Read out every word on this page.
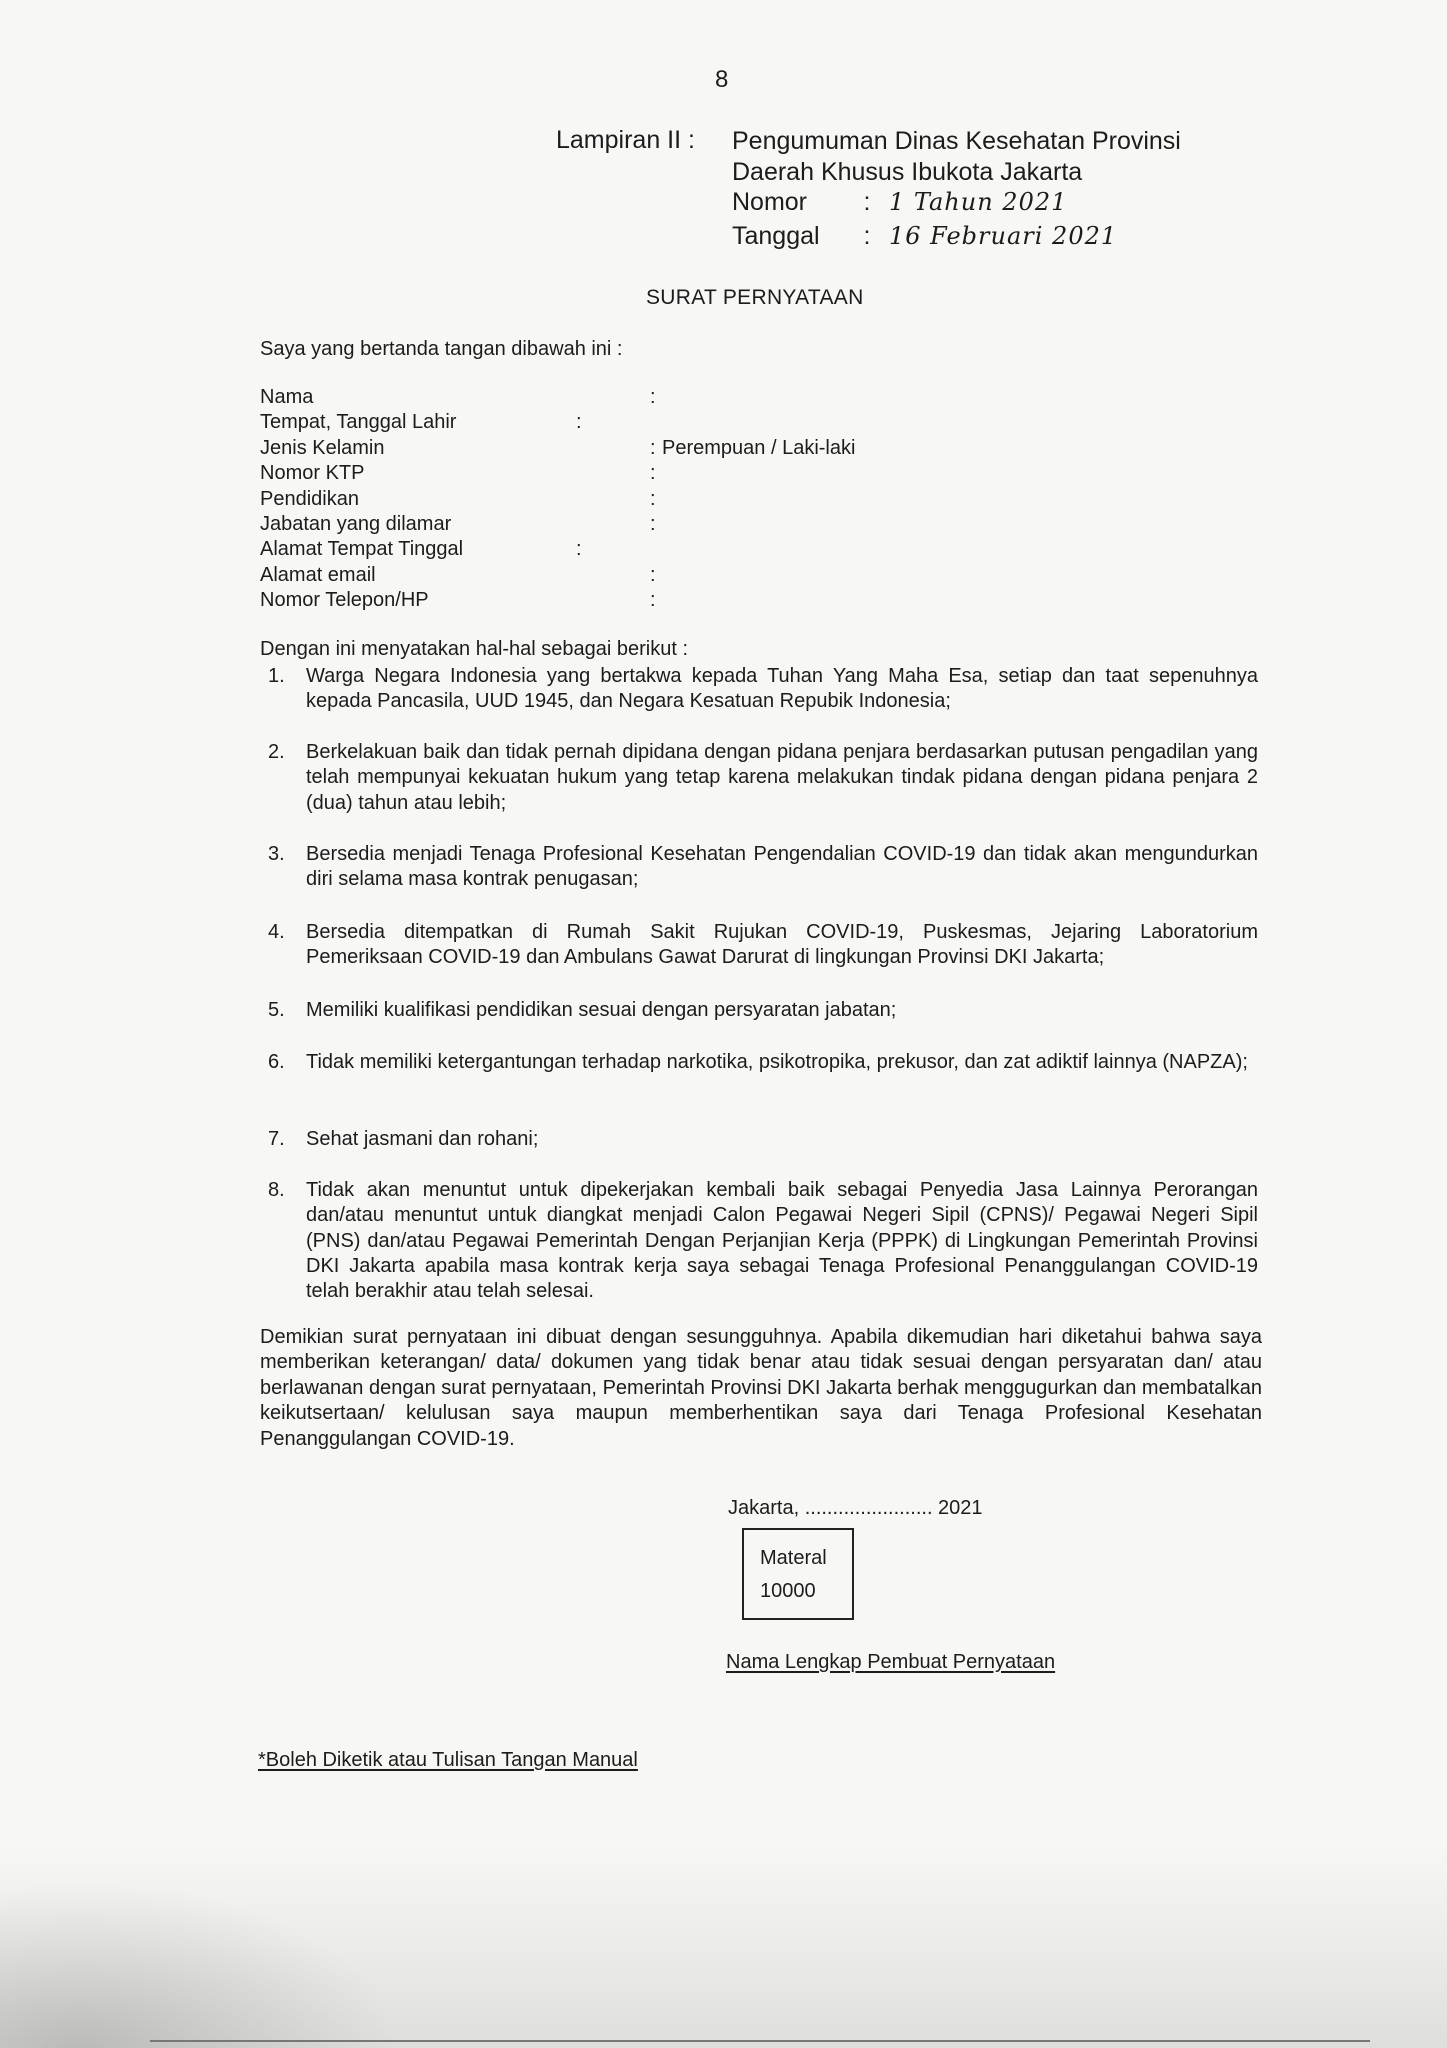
8
Lampiran II : Pengumuman Dinas Kesehatan Provinsi
Daerah Khusus Ibukota Jakarta
Nomor : 1 Tahun 2021
Tanggal : 16 Februari 2021
SURAT PERNYATAAN
Saya yang bertanda tangan dibawah ini :
Nama	:
Tempat, Tanggal Lahir	:
Jenis Kelamin	: Perempuan / Laki-laki
Nomor KTP	:
Pendidikan	:
Jabatan yang dilamar	:
Alamat Tempat Tinggal	:
Alamat email	:
Nomor Telepon/HP	:
Dengan ini menyatakan hal-hal sebagai berikut :
1.	Warga Negara Indonesia yang bertakwa kepada Tuhan Yang Maha Esa, setiap dan taat sepenuhnya kepada Pancasila, UUD 1945, dan Negara Kesatuan Repubik Indonesia;
2.	Berkelakuan baik dan tidak pernah dipidana dengan pidana penjara berdasarkan putusan pengadilan yang telah mempunyai kekuatan hukum yang tetap karena melakukan tindak pidana dengan pidana penjara 2 (dua) tahun atau lebih;
3.	Bersedia menjadi Tenaga Profesional Kesehatan Pengendalian COVID-19 dan tidak akan mengundurkan diri selama masa kontrak penugasan;
4.	Bersedia ditempatkan di Rumah Sakit Rujukan COVID-19, Puskesmas, Jejaring Laboratorium Pemeriksaan COVID-19 dan Ambulans Gawat Darurat di lingkungan Provinsi DKI Jakarta;
5.	Memiliki kualifikasi pendidikan sesuai dengan persyaratan jabatan;
6.	Tidak memiliki ketergantungan terhadap narkotika, psikotropika, prekusor, dan zat adiktif lainnya (NAPZA);
7.	Sehat jasmani dan rohani;
8.	Tidak akan menuntut untuk dipekerjakan kembali baik sebagai Penyedia Jasa Lainnya Perorangan dan/atau menuntut untuk diangkat menjadi Calon Pegawai Negeri Sipil (CPNS)/ Pegawai Negeri Sipil (PNS) dan/atau Pegawai Pemerintah Dengan Perjanjian Kerja (PPPK) di Lingkungan Pemerintah Provinsi DKI Jakarta apabila masa kontrak kerja saya sebagai Tenaga Profesional Penanggulangan COVID-19 telah berakhir atau telah selesai.
Demikian surat pernyataan ini dibuat dengan sesungguhnya. Apabila dikemudian hari diketahui bahwa saya memberikan keterangan/ data/ dokumen yang tidak benar atau tidak sesuai dengan persyaratan dan/ atau berlawanan dengan surat pernyataan, Pemerintah Provinsi DKI Jakarta berhak menggugurkan dan membatalkan keikutsertaan/ kelulusan saya maupun memberhentikan saya dari Tenaga Profesional Kesehatan Penanggulangan COVID-19.
Jakarta, ....................... 2021
Materal
10000
Nama Lengkap Pembuat Pernyataan
*Boleh Diketik atau Tulisan Tangan Manual
